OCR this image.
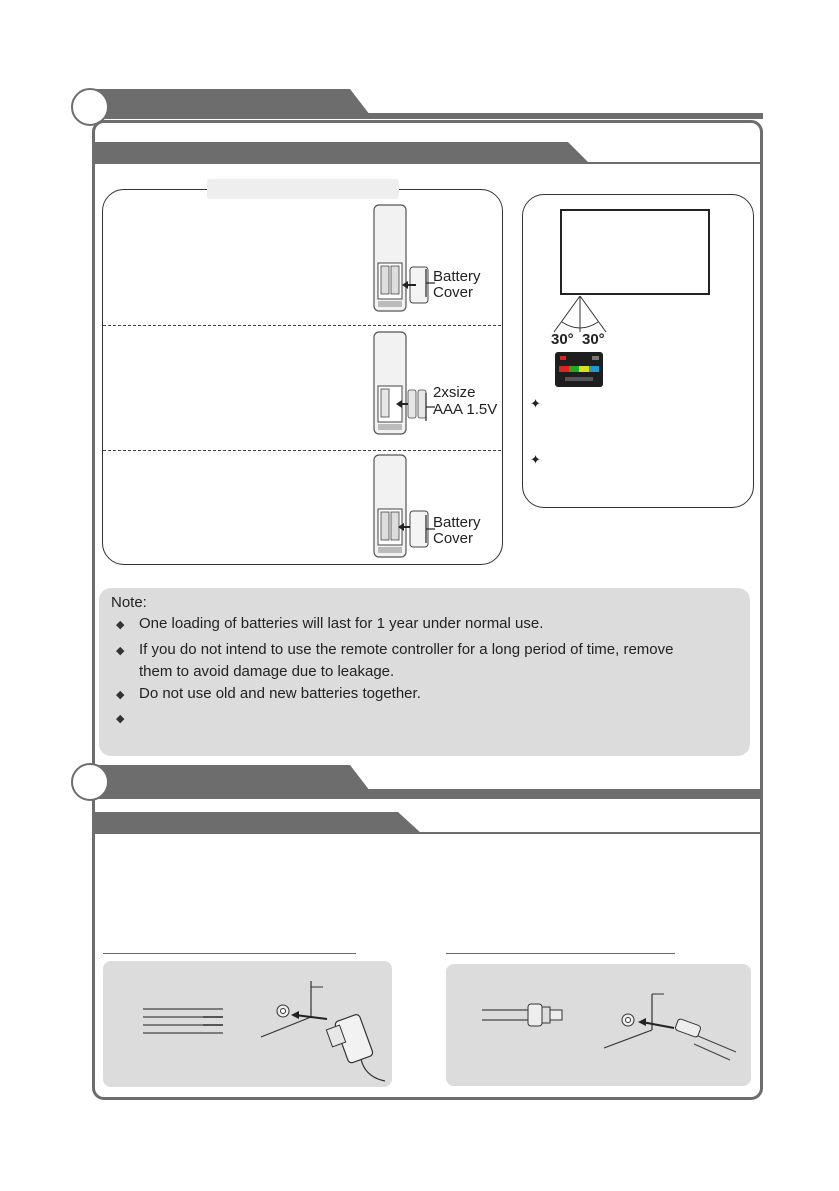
Battery
Cover
2xsize
AAA 1.5V
Battery
Cover
30° 30°
✦
✦
Note:
◆ One loading of batteries will last for 1 year under normal use.
◆ If you do not intend to use the remote controller for a long period of time, remove
them to avoid damage due to leakage.
◆ Do not use old and new batteries together.
◆
